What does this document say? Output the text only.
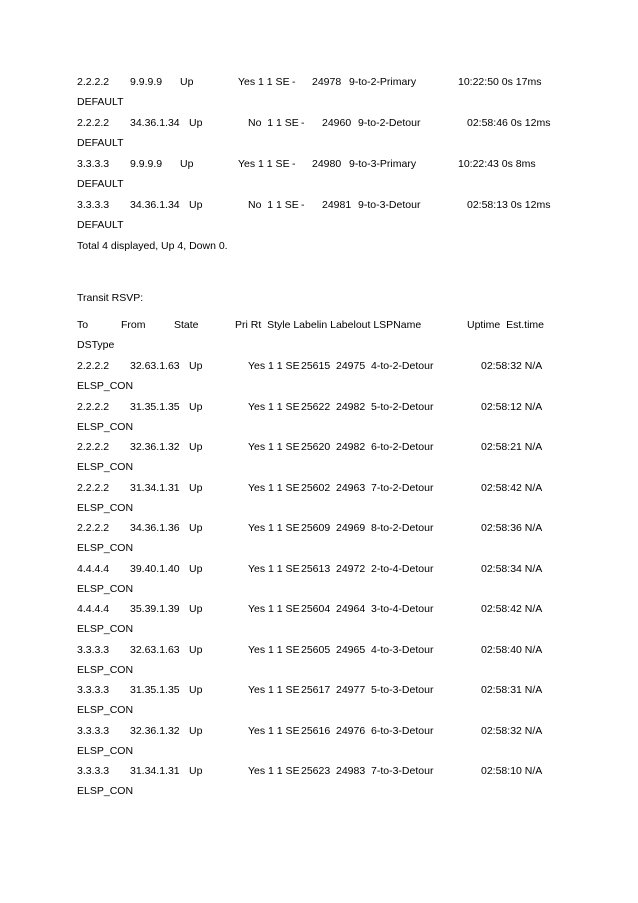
2.2.2.2 9.9.9.9 Up	Yes 1 1 SE - 24978 9-to-2-Primary	10:22:50 0s 17ms
DEFAULT
2.2.2.2 34.36.1.34 Up	No  1 1 SE - 24960 9-to-2-Detour	02:58:46 0s 12ms
DEFAULT
3.3.3.3 9.9.9.9 Up	Yes 1 1 SE - 24980 9-to-3-Primary	10:22:43 0s 8ms
DEFAULT
3.3.3.3 34.36.1.34 Up	No  1 1 SE - 24981 9-to-3-Detour	02:58:13 0s 12ms
DEFAULT
Total 4 displayed, Up 4, Down 0.
Transit RSVP:
To	From	State	Pri Rt  Style Labelin Labelout LSPName	Uptime  Est.time
DSType
2.2.2.2 32.63.1.63 Up	Yes 1 1 SE 25615 24975 4-to-2-Detour	02:58:32 N/A
ELSP_CON
2.2.2.2 31.35.1.35 Up	Yes 1 1 SE 25622 24982 5-to-2-Detour	02:58:12 N/A
ELSP_CON
2.2.2.2 32.36.1.32 Up	Yes 1 1 SE 25620 24982 6-to-2-Detour	02:58:21 N/A
ELSP_CON
2.2.2.2 31.34.1.31 Up	Yes 1 1 SE 25602 24963 7-to-2-Detour	02:58:42 N/A
ELSP_CON
2.2.2.2 34.36.1.36 Up	Yes 1 1 SE 25609 24969 8-to-2-Detour	02:58:36 N/A
ELSP_CON
4.4.4.4 39.40.1.40 Up	Yes 1 1 SE 25613 24972 2-to-4-Detour	02:58:34 N/A
ELSP_CON
4.4.4.4 35.39.1.39 Up	Yes 1 1 SE 25604 24964 3-to-4-Detour	02:58:42 N/A
ELSP_CON
3.3.3.3 32.63.1.63 Up	Yes 1 1 SE 25605 24965 4-to-3-Detour	02:58:40 N/A
ELSP_CON
3.3.3.3 31.35.1.35 Up	Yes 1 1 SE 25617 24977 5-to-3-Detour	02:58:31 N/A
ELSP_CON
3.3.3.3 32.36.1.32 Up	Yes 1 1 SE 25616 24976 6-to-3-Detour	02:58:32 N/A
ELSP_CON
3.3.3.3 31.34.1.31 Up	Yes 1 1 SE 25623 24983 7-to-3-Detour	02:58:10 N/A
ELSP_CON
